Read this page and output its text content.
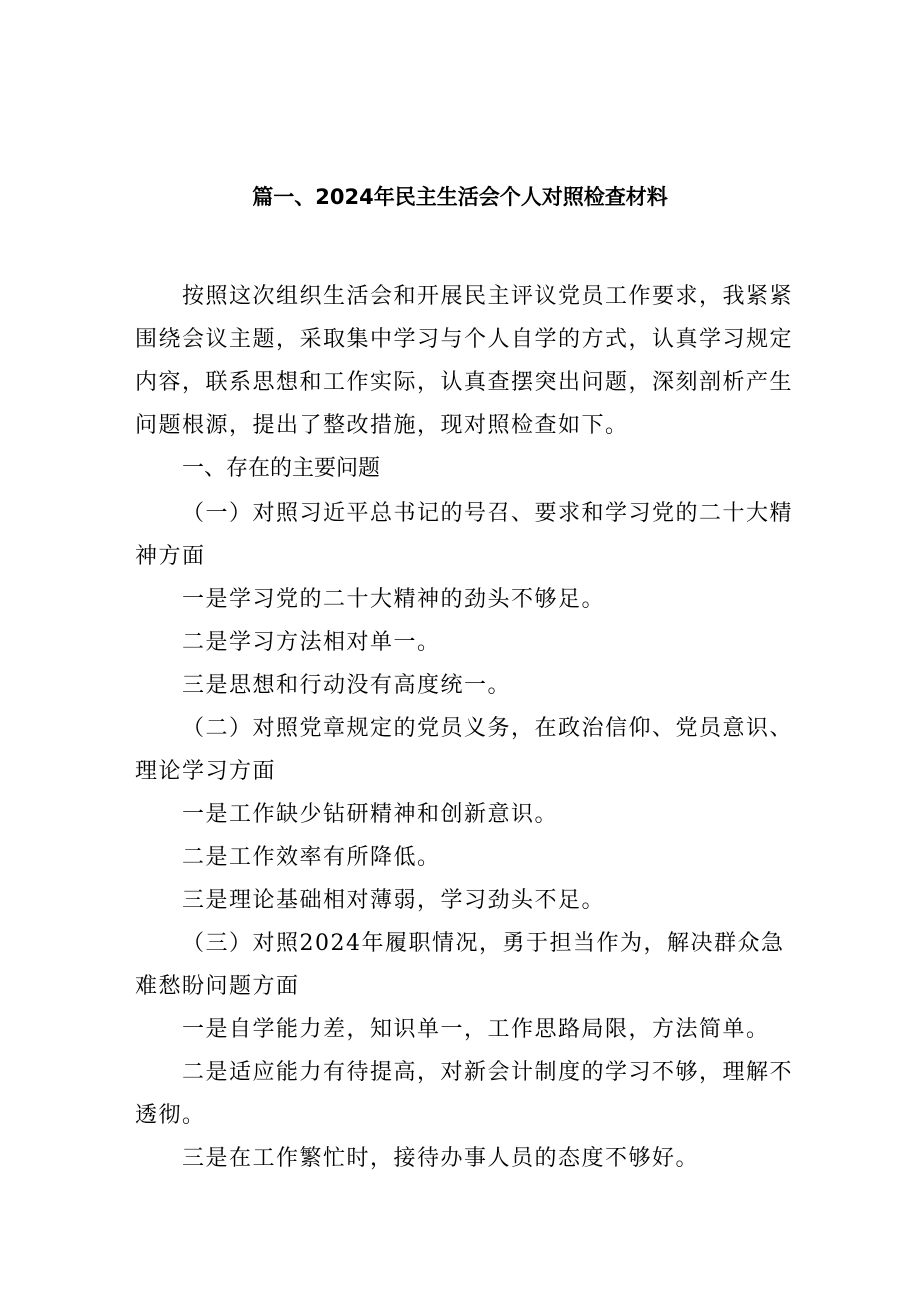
篇一、2024年民主生活会个人对照检查材料
按照这次组织生活会和开展民主评议党员工作要求，我紧紧
围绕会议主题，采取集中学习与个人自学的方式，认真学习规定
内容，联系思想和工作实际，认真查摆突出问题，深刻剖析产生
问题根源，提出了整改措施，现对照检查如下。
一、存在的主要问题
（一）对照习近平总书记的号召、要求和学习党的二十大精
神方面
一是学习党的二十大精神的劲头不够足。
二是学习方法相对单一。
三是思想和行动没有高度统一。
（二）对照党章规定的党员义务，在政治信仰、党员意识、
理论学习方面
一是工作缺少钻研精神和创新意识。
二是工作效率有所降低。
三是理论基础相对薄弱，学习劲头不足。
（三）对照2024年履职情况，勇于担当作为，解决群众急
难愁盼问题方面
一是自学能力差，知识单一，工作思路局限，方法简单。
二是适应能力有待提高，对新会计制度的学习不够，理解不
透彻。
三是在工作繁忙时，接待办事人员的态度不够好。
